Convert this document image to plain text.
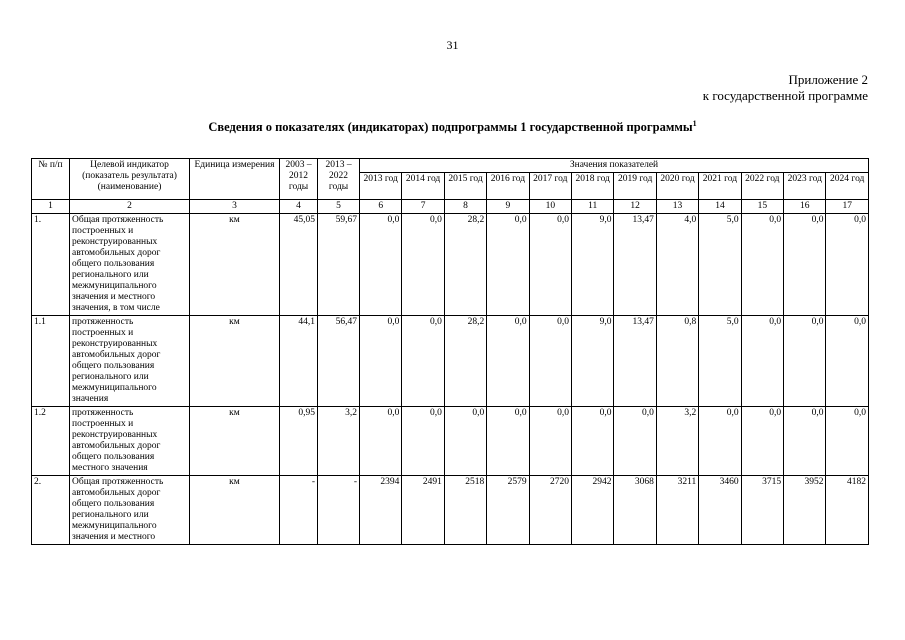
31
Приложение 2
к государственной программе
Сведения о показателях (индикаторах) подпрограммы 1 государственной программы$^1$
№ п/п	Целевой индикатор (показатель результата) (наименование)	Единица измерения	2003 – 2012 годы	2013 – 2022 годы	Значения показателей											
					2013 год	2014 год	2015 год	2016 год	2017 год	2018 год	2019 год	2020 год	2021 год	2022 год	2023 год	2024 год
1	2	3	4	5	6	7	8	9	10	11	12	13	14	15	16	17
1.	Общая протяженность построенных и реконструированных автомобильных дорог общего пользования регионального или межмуниципального значения и местного значения, в том числе	км	45,05	59,67	0,0	0,0	28,2	0,0	0,0	9,0	13,47	4,0	5,0	0,0	0,0	0,0
1.1	протяженность построенных и реконструированных автомобильных дорог общего пользования регионального или межмуниципального значения	км	44,1	56,47	0,0	0,0	28,2	0,0	0,0	9,0	13,47	0,8	5,0	0,0	0,0	0,0
1.2	протяженность построенных и реконструированных автомобильных дорог общего пользования местного значения	км	0,95	3,2	0,0	0,0	0,0	0,0	0,0	0,0	0,0	3,2	0,0	0,0	0,0	0,0
2.	Общая протяженность автомобильных дорог общего пользования регионального или межмуниципального значения и местного	км	-	-	2394	2491	2518	2579	2720	2942	3068	3211	3460	3715	3952	4182
